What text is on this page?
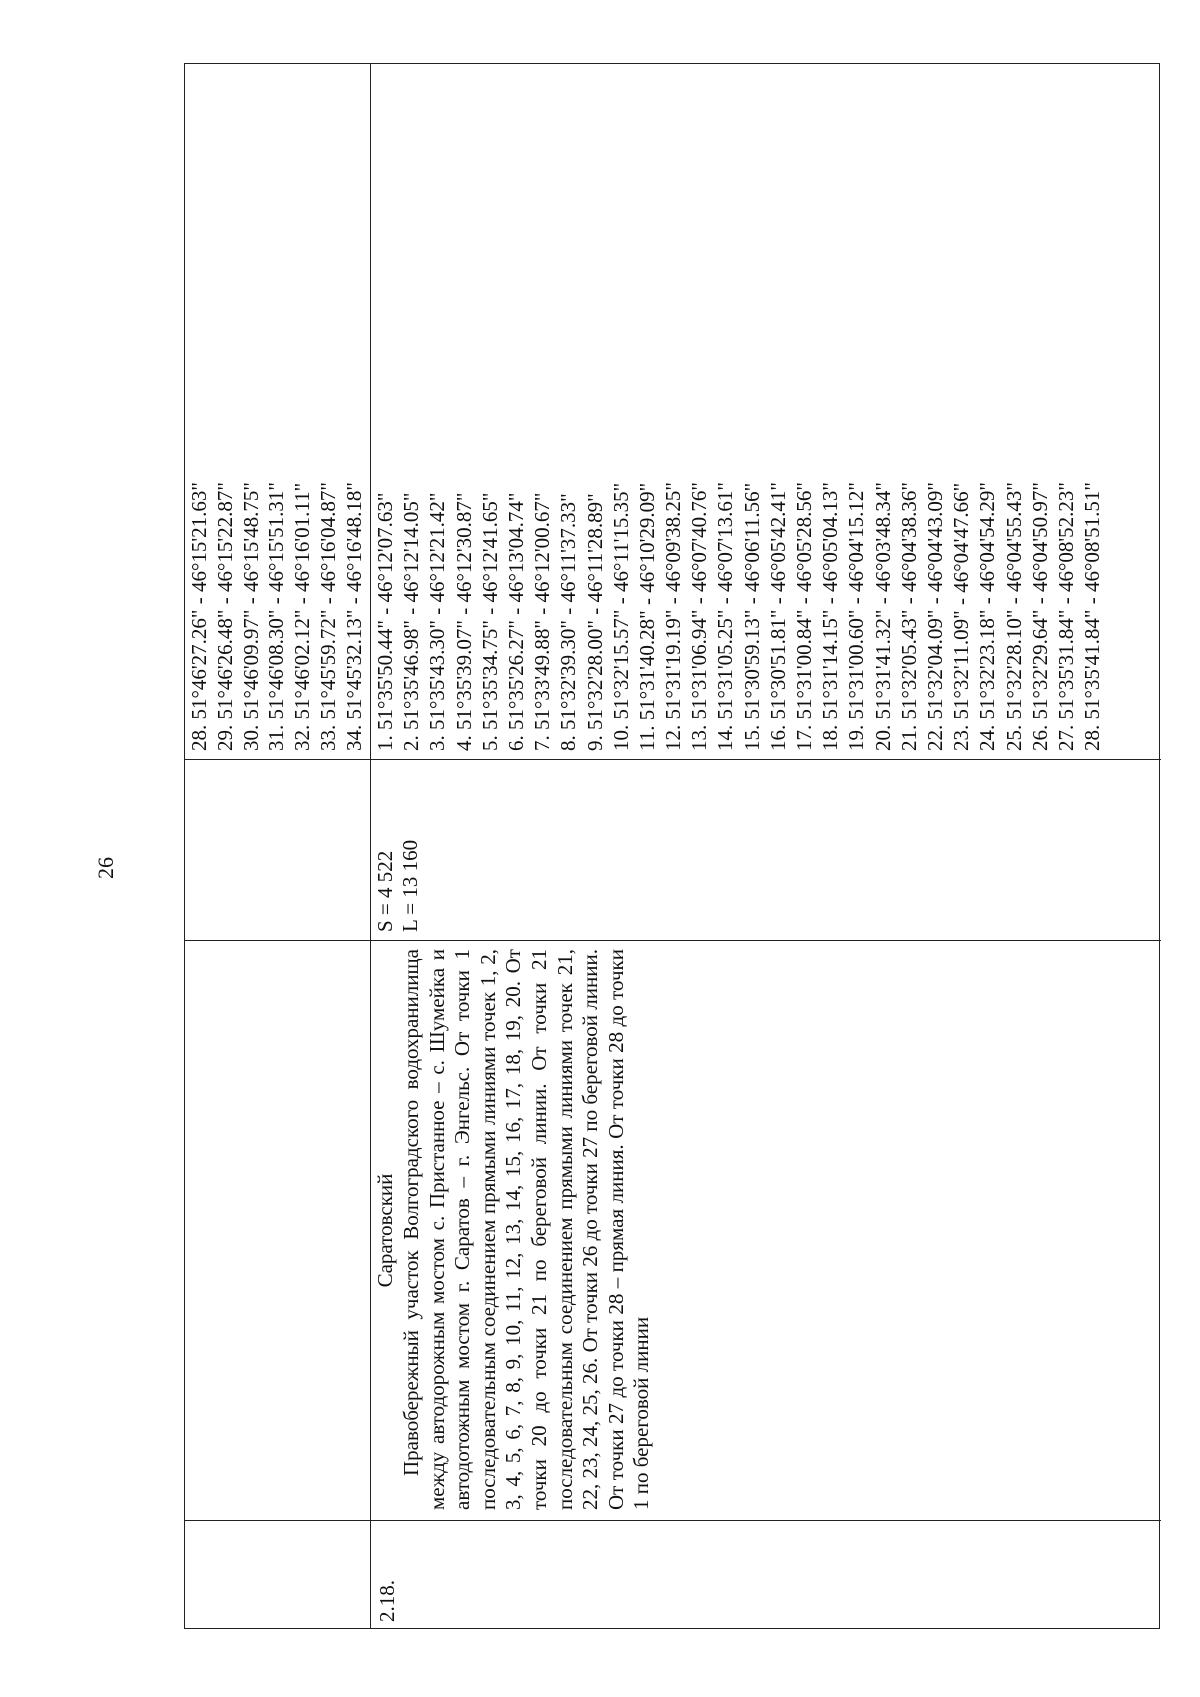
26
28. 51°46'27.26" - 46°15'21.63" 29. 51°46'26.48" - 46°15'22.87" 30. 51°46'09.97" - 46°15'48.75" 31. 51°46'08.30" - 46°15'51.31" 32. 51°46'02.12" - 46°16'01.11" 33. 51°45'59.72" - 46°16'04.87" 34. 51°45'32.13" - 46°16'48.18"
2.18.
Саратовский Правобережный участок Волгоградского водохранилища между автодорожным мостом с. Пристанное – с. Шумейка и автодотожным мостом г. Саратов – г. Энгельс. От точки 1 последовательным соединением прямыми линиями точек 1, 2, 3, 4, 5, 6, 7, 8, 9, 10, 11, 12, 13, 14, 15, 16, 17, 18, 19, 20. От точки 20 до точки 21 по береговой линии. От точки 21 последовательным соединением прямыми линиями точек 21, 22, 23, 24, 25, 26. От точки 26 до точки 27 по береговой линии. От точки 27 до точки 28 – прямая линия. От точки 28 до точки 1 по береговой линии
S = 4 522 L = 13 160
1. 51°35'50.44" - 46°12'07.63" 2. 51°35'46.98" - 46°12'14.05" 3. 51°35'43.30" - 46°12'21.42" 4. 51°35'39.07" - 46°12'30.87" 5. 51°35'34.75" - 46°12'41.65" 6. 51°35'26.27" - 46°13'04.74" 7. 51°33'49.88" - 46°12'00.67" 8. 51°32'39.30" - 46°11'37.33" 9. 51°32'28.00" - 46°11'28.89" 10. 51°32'15.57" - 46°11'15.35" 11. 51°31'40.28" - 46°10'29.09" 12. 51°31'19.19" - 46°09'38.25" 13. 51°31'06.94" - 46°07'40.76" 14. 51°31'05.25" - 46°07'13.61" 15. 51°30'59.13" - 46°06'11.56" 16. 51°30'51.81" - 46°05'42.41" 17. 51°31'00.84" - 46°05'28.56" 18. 51°31'14.15" - 46°05'04.13" 19. 51°31'00.60" - 46°04'15.12" 20. 51°31'41.32" - 46°03'48.34" 21. 51°32'05.43" - 46°04'38.36" 22. 51°32'04.09" - 46°04'43.09" 23. 51°32'11.09" - 46°04'47.66" 24. 51°32'23.18" - 46°04'54.29" 25. 51°32'28.10" - 46°04'55.43" 26. 51°32'29.64" - 46°04'50.97" 27. 51°35'31.84" - 46°08'52.23" 28. 51°35'41.84" - 46°08'51.51"
